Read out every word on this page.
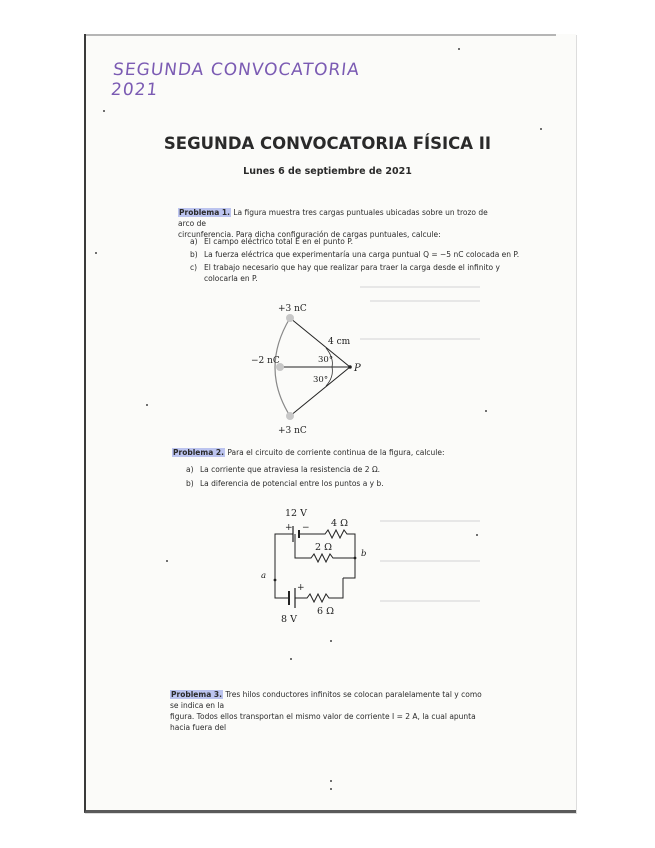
SEGUNDA CONVOCATORIA 2021
SEGUNDA CONVOCATORIA FÍSICA II
Lunes 6 de septiembre de 2021
Problema 1. La figura muestra tres cargas puntuales ubicadas sobre un trozo de arco de
circunferencia. Para dicha configuración de cargas puntuales, calcule:
a) El campo eléctrico total E⃗ en el punto P.
b) La fuerza eléctrica que experimentaría una carga puntual Q = −5 nC colocada en P.
c) El trabajo necesario que hay que realizar para traer la carga desde el infinito y
colocarla en P.
+3 nC
−2 nC
+3 nC
4 cm
30°
30°
P
Problema 2. Para el circuito de corriente continua de la figura, calcule:
a) La corriente que atraviesa la resistencia de 2 Ω.
b) La diferencia de potencial entre los puntos a y b.
12 V
+ − 4 Ω
2 Ω
a
b
+
6 Ω
8 V
Problema 3. Tres hilos conductores infinitos se colocan paralelamente tal y como se indica en la
figura. Todos ellos transportan el mismo valor de corriente I = 2 A, la cual apunta hacia fuera del
